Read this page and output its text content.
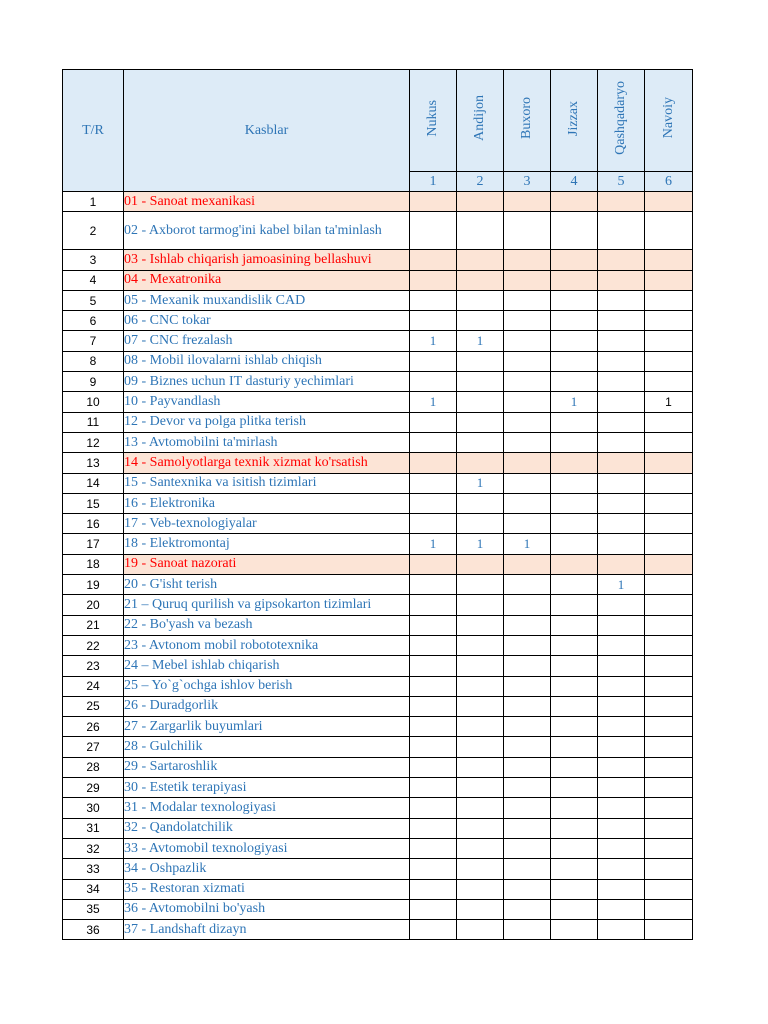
T/R	Kasblar	Nukus	Andijon	Buxoro	Jizzax	Qashqadaryo	Navoiy
		1	2	3	4	5	6
1	01 - Sanoat mexanikasi						
2	02 - Axborot tarmog'ini kabel bilan ta'minlash						
3	03 - Ishlab chiqarish jamoasining bellashuvi						
4	04 - Mexatronika						
5	05 - Mexanik muxandislik CAD						
6	06 - CNC tokar						
7	07 - CNC frezalash	1	1				
8	08 - Mobil ilovalarni ishlab chiqish						
9	09 - Biznes uchun IT dasturiy yechimlari						
10	10 - Payvandlash	1			1		1
11	12 - Devor va polga plitka terish						
12	13 - Avtomobilni ta'mirlash						
13	14 - Samolyotlarga texnik xizmat ko'rsatish						
14	15 - Santexnika va isitish tizimlari		1				
15	16 - Elektronika						
16	17 - Veb-texnologiyalar						
17	18 - Elektromontaj	1	1	1			
18	19 - Sanoat nazorati						
19	20 - G'isht terish					1	
20	21 – Quruq qurilish va gipsokarton tizimlari						
21	22 - Bo'yash va bezash						
22	23 - Avtonom mobil robototexnika						
23	24 – Mebel ishlab chiqarish						
24	25 – Yo`g`ochga ishlov berish						
25	26 - Duradgorlik						
26	27 - Zargarlik buyumlari						
27	28 - Gulchilik						
28	29 - Sartaroshlik						
29	30 - Estetik terapiyasi						
30	31 - Modalar texnologiyasi						
31	32 - Qandolatchilik						
32	33 - Avtomobil texnologiyasi						
33	34 - Oshpazlik						
34	35 - Restoran xizmati						
35	36 - Avtomobilni bo'yash						
36	37 - Landshaft dizayn						
